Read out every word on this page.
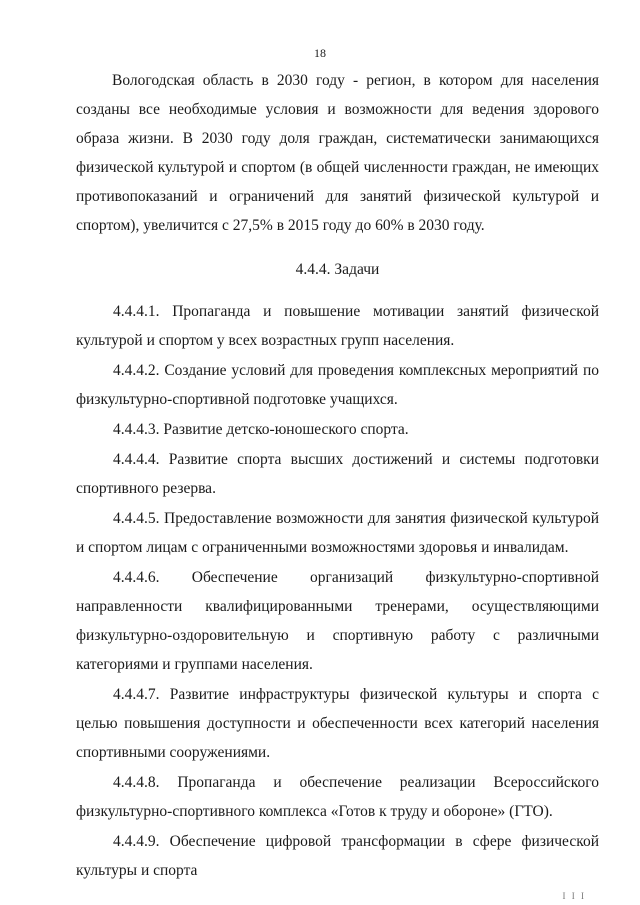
18

Вологодская область в 2030 году - регион, в котором для населения созданы все необходимые условия и возможности для ведения здорового образа жизни. В 2030 году доля граждан, систематически занимающихся физической культурой и спортом (в общей численности граждан, не имеющих противопоказаний и ограничений для занятий физической культурой и спортом), увеличится с 27,5% в 2015 году до 60% в 2030 году.

4.4.4. Задачи

4.4.4.1. Пропаганда и повышение мотивации занятий физической культурой и спортом у всех возрастных групп населения.

4.4.4.2. Создание условий для проведения комплексных мероприятий по физкультурно-спортивной подготовке учащихся.

4.4.4.3. Развитие детско-юношеского спорта.

4.4.4.4. Развитие спорта высших достижений и системы подготовки спортивного резерва.

4.4.4.5. Предоставление возможности для занятия физической культурой и спортом лицам с ограниченными возможностями здоровья и инвалидам.

4.4.4.6. Обеспечение организаций физкультурно-спортивной направленности квалифицированными тренерами, осуществляющими физкультурно-оздоровительную и спортивную работу с различными категориями и группами населения.

4.4.4.7. Развитие инфраструктуры физической культуры и спорта с целью повышения доступности и обеспеченности всех категорий населения спортивными сооружениями.

4.4.4.8. Пропаганда и обеспечение реализации Всероссийского физкультурно-спортивного комплекса «Готов к труду и обороне» (ГТО).

4.4.4.9. Обеспечение цифровой трансформации в сфере физической культуры и спорта

I I I
